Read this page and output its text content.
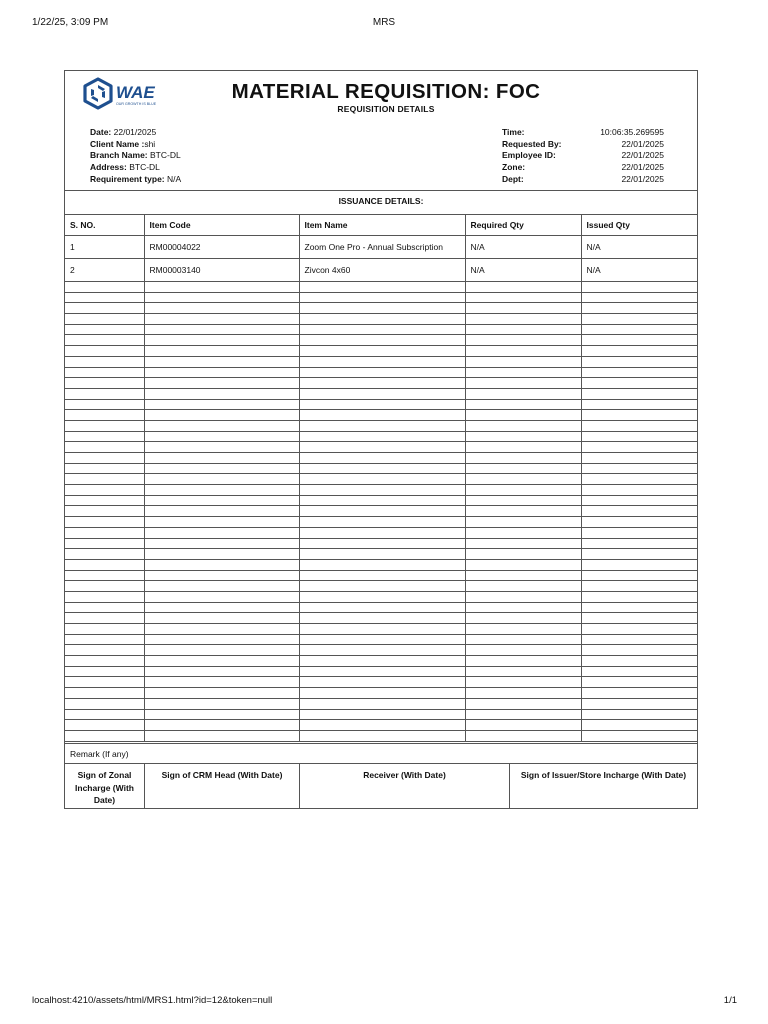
1/22/25, 3:09 PM	MRS
WAE
OUR GROWTH IS BLUE
MATERIAL REQUISITION: FOC
REQUISITION DETAILS
Date: 22/01/2025
Client Name :shi
Branch Name: BTC-DL
Address: BTC-DL
Requirement type: N/A
Time:	10:06:35.269595
Requested By:	22/01/2025
Employee ID:	22/01/2025
Zone:	22/01/2025
Dept:	22/01/2025
ISSUANCE DETAILS:
S. NO.	Item Code	Item Name	Required Qty	Issued Qty
1	RM00004022	Zoom One Pro - Annual Subscription	N/A	N/A
2	RM00003140	Zivcon 4x60	N/A	N/A

Remark (If any)
Sign of Zonal Incharge (With Date)
Sign of CRM Head (With Date)	Receiver (With Date)	Sign of Issuer/Store Incharge (With Date)
localhost:4210/assets/html/MRS1.html?id=12&token=null	1/1
